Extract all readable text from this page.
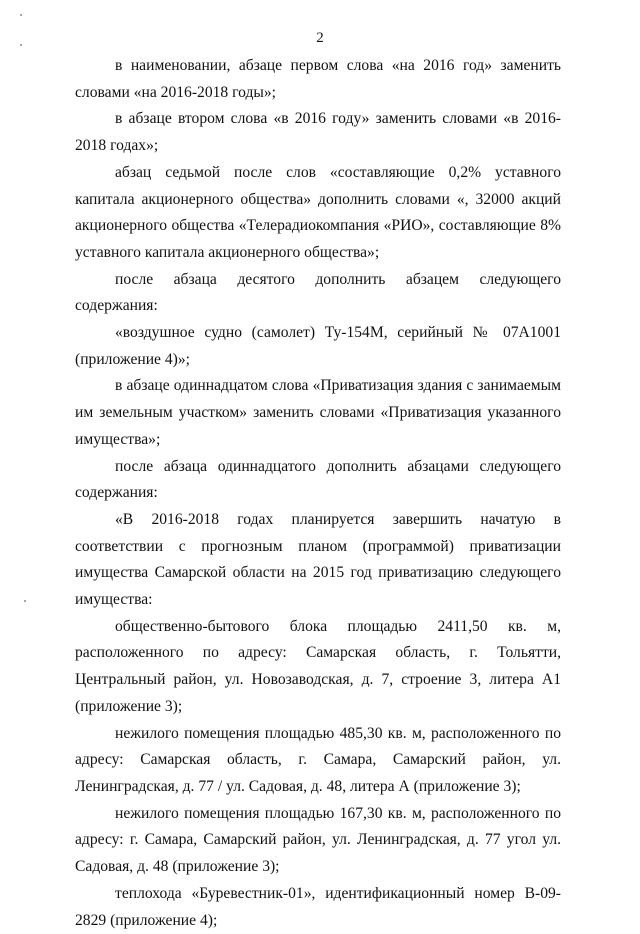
2

в наименовании, абзаце первом слова «на 2016 год» заменить словами «на 2016-2018 годы»;

в абзаце втором слова «в 2016 году» заменить словами «в 2016-2018 годах»;

абзац седьмой после слов «составляющие 0,2% уставного капитала акционерного общества» дополнить словами «, 32000 акций акционерного общества «Телерадиокомпания «РИО», составляющие 8% уставного капитала акционерного общества»;

после абзаца десятого дополнить абзацем следующего содержания:

«воздушное судно (самолет) Ту-154М, серийный № 07А1001 (приложение 4)»;

в абзаце одиннадцатом слова «Приватизация здания с занимаемым им земельным участком» заменить словами «Приватизация указанного имущества»;

после абзаца одиннадцатого дополнить абзацами следующего содержания:

«В 2016-2018 годах планируется завершить начатую в соответствии с прогнозным планом (программой) приватизации имущества Самарской области на 2015 год приватизацию следующего имущества:

общественно-бытового блока площадью 2411,50 кв. м, расположенного по адресу: Самарская область, г. Тольятти, Центральный район, ул. Новозаводская, д. 7, строение 3, литера А1 (приложение 3);

нежилого помещения площадью 485,30 кв. м, расположенного по адресу: Самарская область, г. Самара, Самарский район, ул. Ленинградская, д. 77 / ул. Садовая, д. 48, литера А (приложение 3);

нежилого помещения площадью 167,30 кв. м, расположенного по адресу: г. Самара, Самарский район, ул. Ленинградская, д. 77 угол ул. Садовая, д. 48 (приложение 3);

теплохода «Буревестник-01», идентификационный номер В-09-2829 (приложение 4);
